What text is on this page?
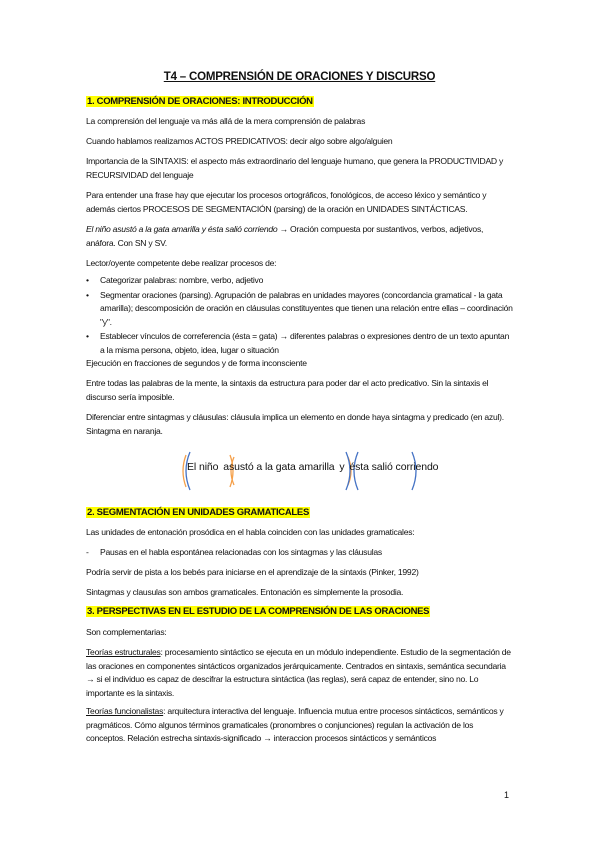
T4 – COMPRENSIÓN DE ORACIONES Y DISCURSO
1. COMPRENSIÓN DE ORACIONES: INTRODUCCIÓN
La comprensión del lenguaje va más allá de la mera comprensión de palabras
Cuando hablamos realizamos ACTOS PREDICATIVOS: decir algo sobre algo/alguien
Importancia de la SINTAXIS: el aspecto más extraordinario del lenguaje humano, que genera la PRODUCTIVIDAD y RECURSIVIDAD del lenguaje
Para entender una frase hay que ejecutar los procesos ortográficos, fonológicos, de acceso léxico y semántico y además ciertos PROCESOS DE SEGMENTACIÓN (parsing) de la oración en UNIDADES SINTÁCTICAS.
El niño asustó a la gata amarilla y ésta salió corriendo → Oración compuesta por sustantivos, verbos, adjetivos, anáfora. Con SN y SV.
Lector/oyente competente debe realizar procesos de:
• Categorizar palabras: nombre, verbo, adjetivo
• Segmentar oraciones (parsing). Agrupación de palabras en unidades mayores (concordancia gramatical - la gata amarilla); descomposición de oración en cláusulas constituyentes que tienen una relación entre ellas – coordinación "y".
• Establecer vínculos de correferencia (ésta = gata) → diferentes palabras o expresiones dentro de un texto apuntan a la misma persona, objeto, idea, lugar o situación
Ejecución en fracciones de segundos y de forma inconsciente
Entre todas las palabras de la mente, la sintaxis da estructura para poder dar el acto predicativo. Sin la sintaxis el discurso sería imposible.
Diferenciar entre sintagmas y cláusulas: cláusula implica un elemento en donde haya sintagma y predicado (en azul). Sintagma en naranja.
El niño asustó a la gata amarilla y ésta salió corriendo
2. SEGMENTACIÓN EN UNIDADES GRAMATICALES
Las unidades de entonación prosódica en el habla coinciden con las unidades gramaticales:
- Pausas en el habla espontánea relacionadas con los sintagmas y las cláusulas
Podría servir de pista a los bebés para iniciarse en el aprendizaje de la sintaxis (Pinker, 1992)
Sintagmas y clausulas son ambos gramaticales. Entonación es simplemente la prosodia.
3. PERSPECTIVAS EN EL ESTUDIO DE LA COMPRENSIÓN DE LAS ORACIONES
Son complementarias:
Teorías estructurales: procesamiento sintáctico se ejecuta en un módulo independiente. Estudio de la segmentación de las oraciones en componentes sintácticos organizados jerárquicamente. Centrados en sintaxis, semántica secundaria → si el individuo es capaz de descifrar la estructura sintáctica (las reglas), será capaz de entender, sino no. Lo importante es la sintaxis.
Teorías funcionalistas: arquitectura interactiva del lenguaje. Influencia mutua entre procesos sintácticos, semánticos y pragmáticos. Cómo algunos términos gramaticales (pronombres o conjunciones) regulan la activación de los conceptos. Relación estrecha sintaxis-significado → interaccion procesos sintácticos y semánticos
1
